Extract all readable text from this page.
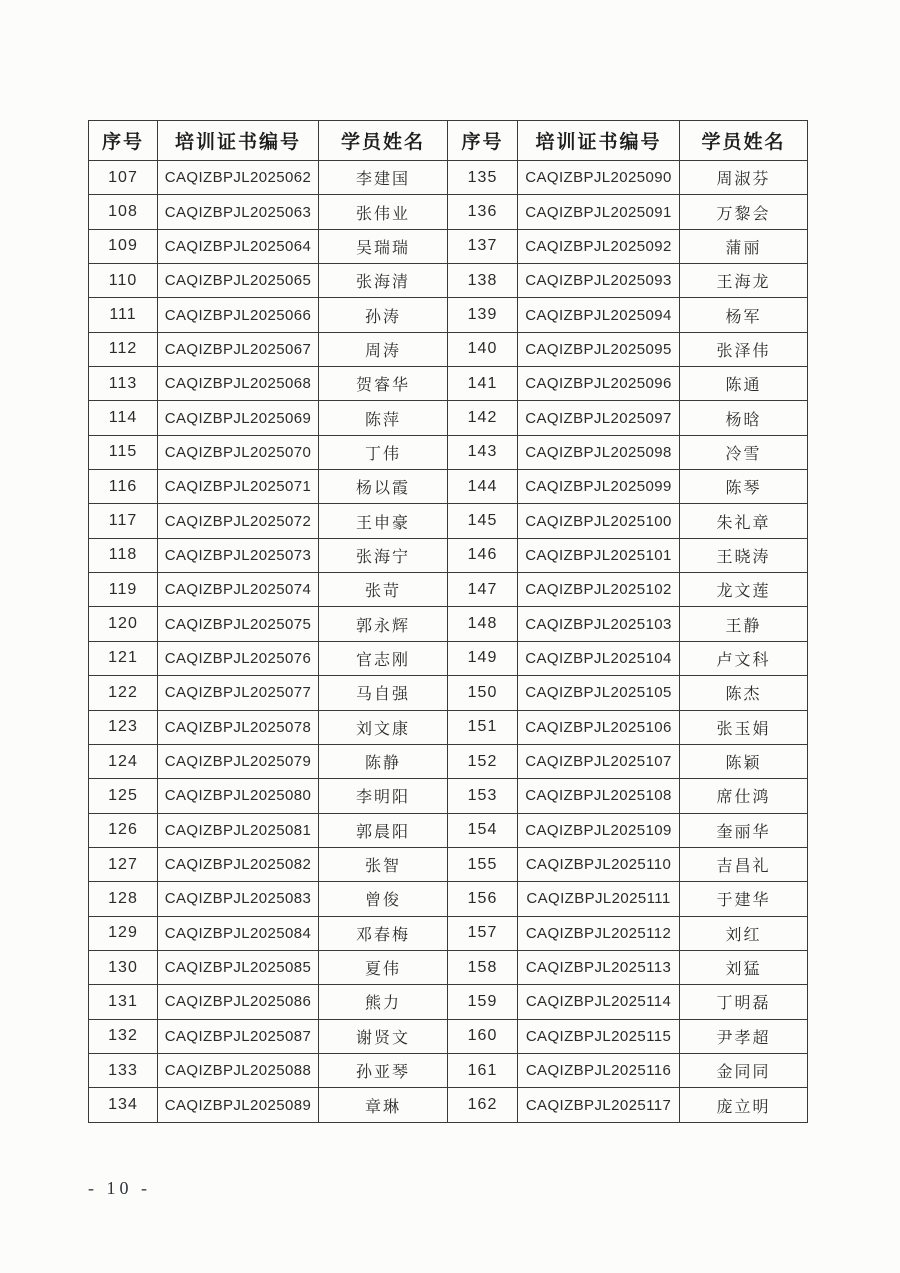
序号	培训证书编号	学员姓名	序号	培训证书编号	学员姓名
107	CAQIZBPJL2025062	李建国	135	CAQIZBPJL2025090	周淑芬
108	CAQIZBPJL2025063	张伟业	136	CAQIZBPJL2025091	万黎会
109	CAQIZBPJL2025064	吴瑞瑞	137	CAQIZBPJL2025092	蒲丽
110	CAQIZBPJL2025065	张海清	138	CAQIZBPJL2025093	王海龙
111	CAQIZBPJL2025066	孙涛	139	CAQIZBPJL2025094	杨军
112	CAQIZBPJL2025067	周涛	140	CAQIZBPJL2025095	张泽伟
113	CAQIZBPJL2025068	贺睿华	141	CAQIZBPJL2025096	陈通
114	CAQIZBPJL2025069	陈萍	142	CAQIZBPJL2025097	杨晗
115	CAQIZBPJL2025070	丁伟	143	CAQIZBPJL2025098	冷雪
116	CAQIZBPJL2025071	杨以霞	144	CAQIZBPJL2025099	陈琴
117	CAQIZBPJL2025072	王申豪	145	CAQIZBPJL2025100	朱礼章
118	CAQIZBPJL2025073	张海宁	146	CAQIZBPJL2025101	王晓涛
119	CAQIZBPJL2025074	张苛	147	CAQIZBPJL2025102	龙文莲
120	CAQIZBPJL2025075	郭永辉	148	CAQIZBPJL2025103	王静
121	CAQIZBPJL2025076	官志刚	149	CAQIZBPJL2025104	卢文科
122	CAQIZBPJL2025077	马自强	150	CAQIZBPJL2025105	陈杰
123	CAQIZBPJL2025078	刘文康	151	CAQIZBPJL2025106	张玉娟
124	CAQIZBPJL2025079	陈静	152	CAQIZBPJL2025107	陈颖
125	CAQIZBPJL2025080	李明阳	153	CAQIZBPJL2025108	席仕鸿
126	CAQIZBPJL2025081	郭晨阳	154	CAQIZBPJL2025109	奎丽华
127	CAQIZBPJL2025082	张智	155	CAQIZBPJL2025110	吉昌礼
128	CAQIZBPJL2025083	曾俊	156	CAQIZBPJL2025111	于建华
129	CAQIZBPJL2025084	邓春梅	157	CAQIZBPJL2025112	刘红
130	CAQIZBPJL2025085	夏伟	158	CAQIZBPJL2025113	刘猛
131	CAQIZBPJL2025086	熊力	159	CAQIZBPJL2025114	丁明磊
132	CAQIZBPJL2025087	谢贤文	160	CAQIZBPJL2025115	尹孝超
133	CAQIZBPJL2025088	孙亚琴	161	CAQIZBPJL2025116	金同同
134	CAQIZBPJL2025089	章琳	162	CAQIZBPJL2025117	庞立明
- 10 -
